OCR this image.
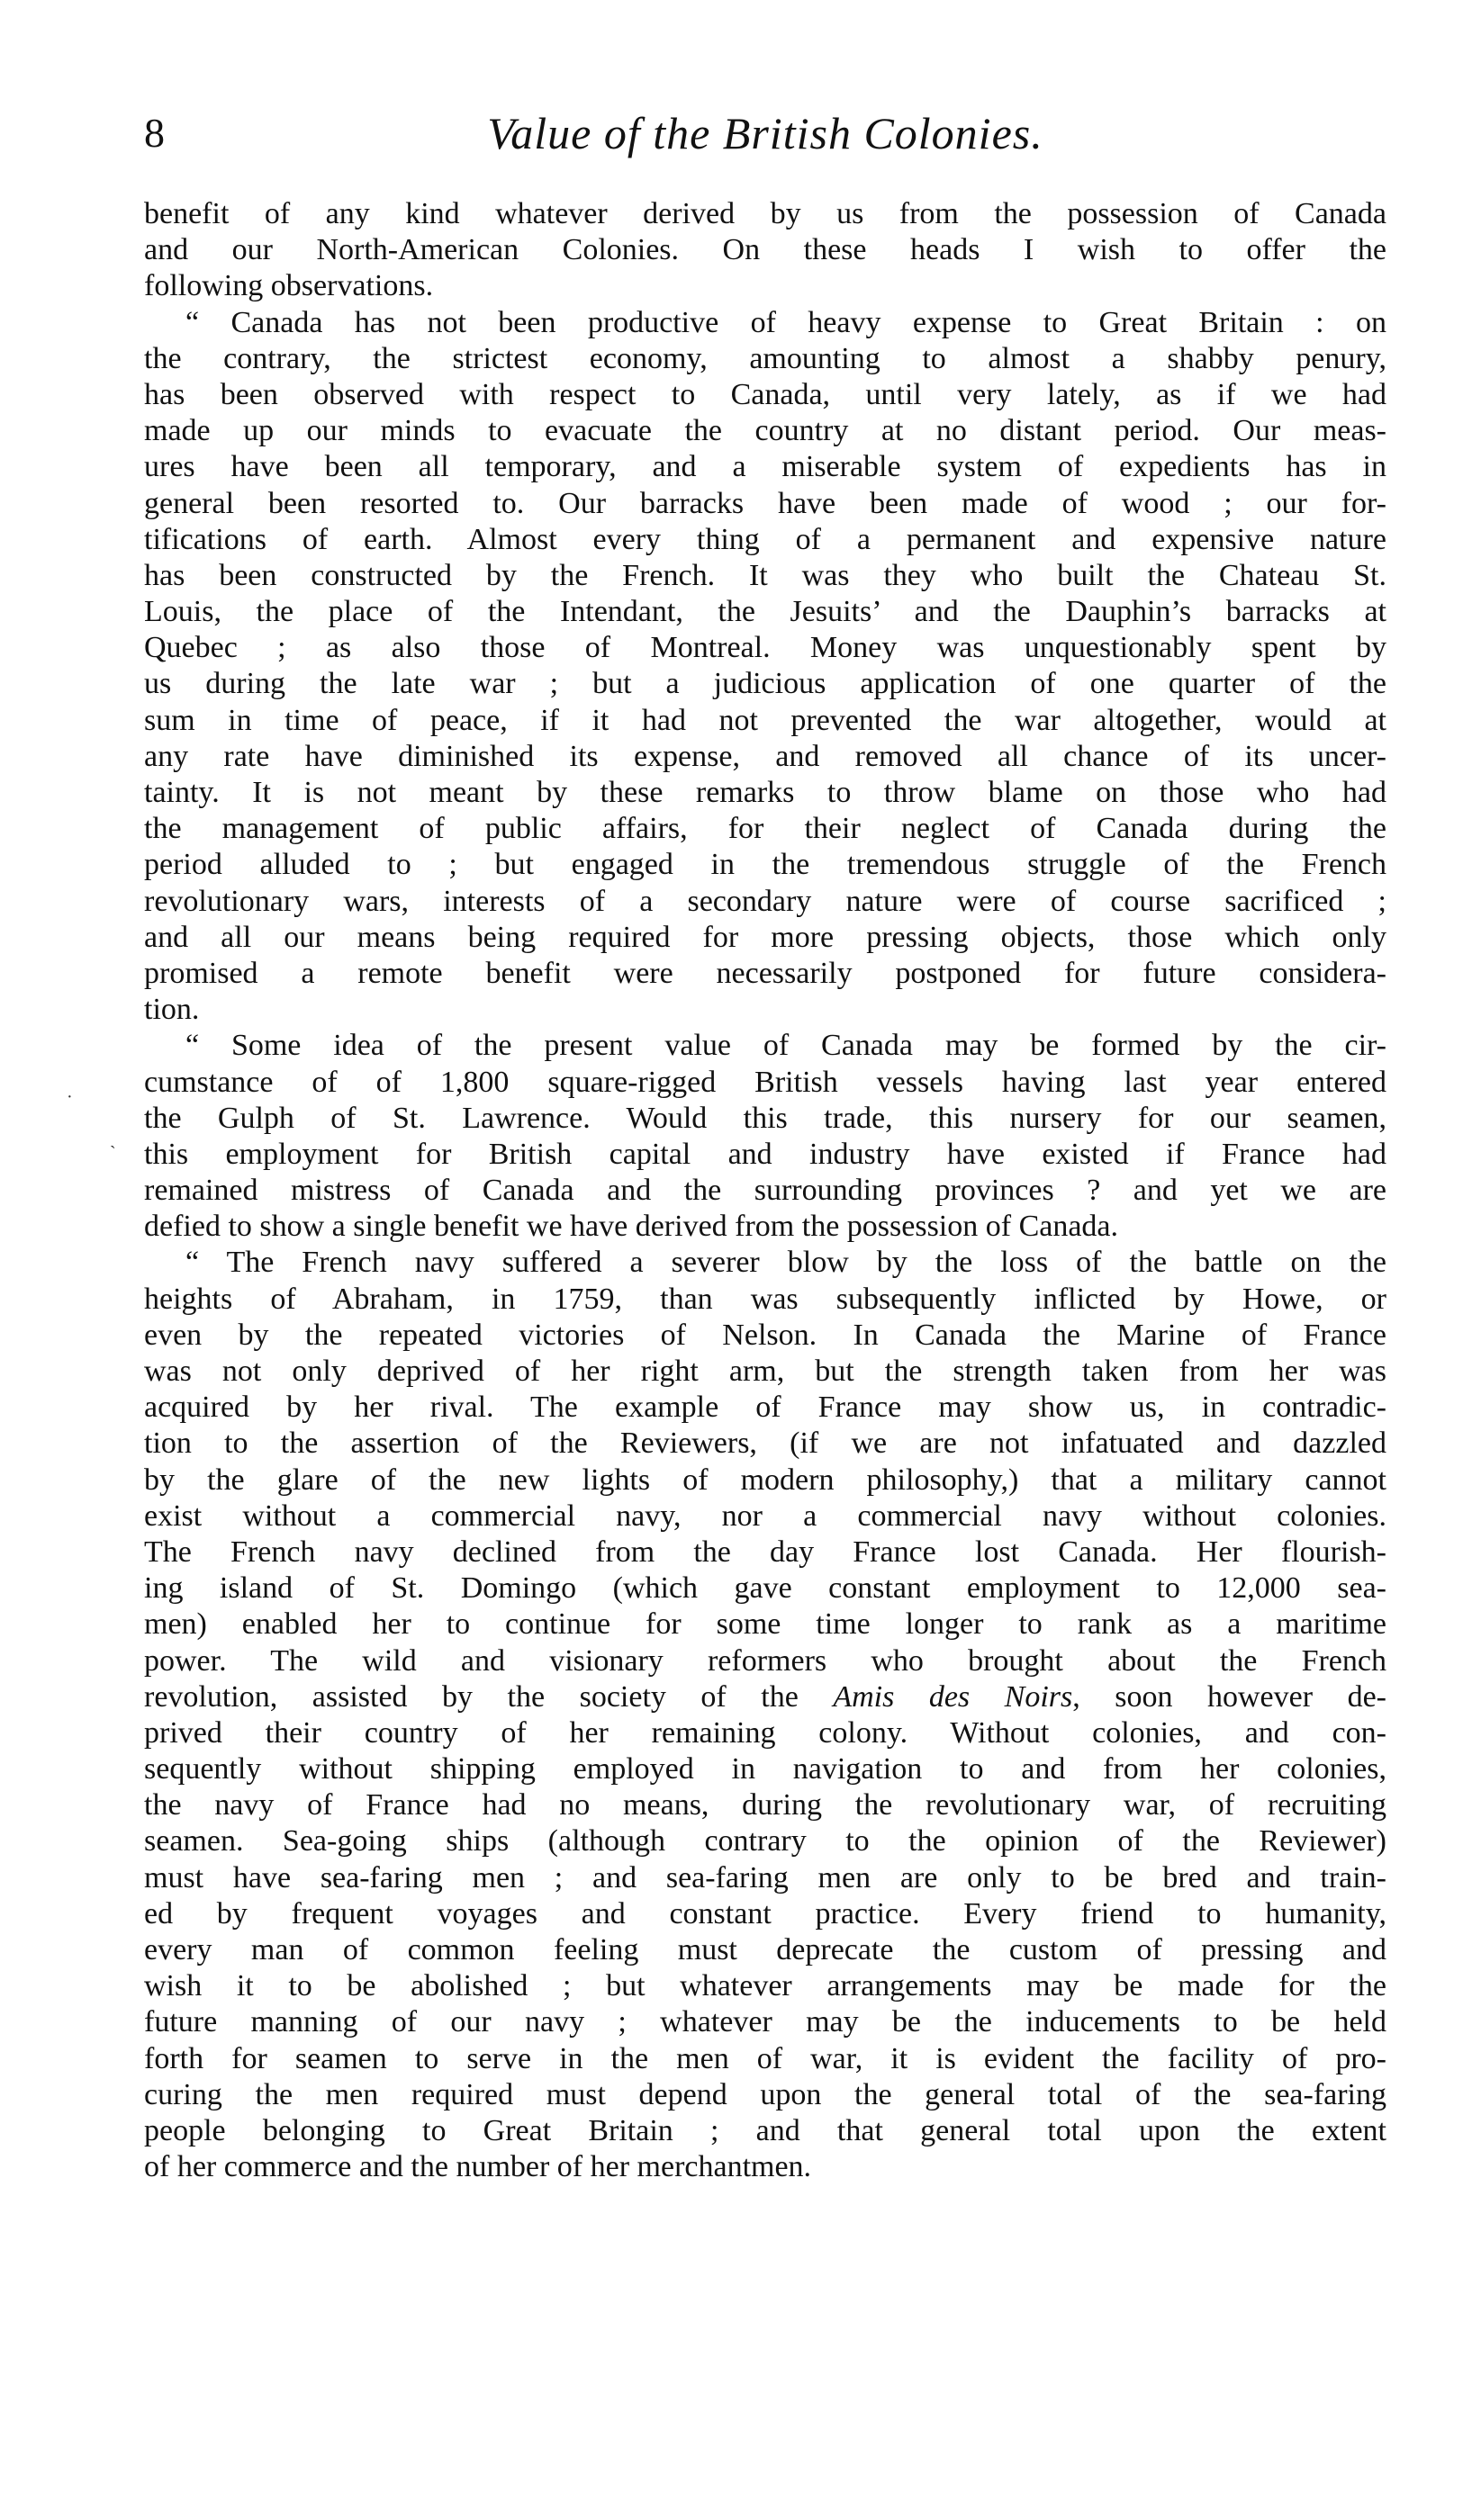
8	Value of the British Colonies.
benefit of any kind whatever derived by us from the possession of Canada
and our North-American Colonies. On these heads I wish to offer the
following observations.
“ Canada has not been productive of heavy expense to Great Britain : on
the contrary, the strictest economy, amounting to almost a shabby penury,
has been observed with respect to Canada, until very lately, as if we had
made up our minds to evacuate the country at no distant period. Our meas-
ures have been all temporary, and a miserable system of expedients has in
general been resorted to. Our barracks have been made of wood ; our for-
tifications of earth. Almost every thing of a permanent and expensive nature
has been constructed by the French. It was they who built the Chateau St.
Louis, the place of the Intendant, the Jesuits’ and the Dauphin’s barracks at
Quebec ; as also those of Montreal. Money was unquestionably spent by
us during the late war ; but a judicious application of one quarter of the
sum in time of peace, if it had not prevented the war altogether, would at
any rate have diminished its expense, and removed all chance of its uncer-
tainty. It is not meant by these remarks to throw blame on those who had
the management of public affairs, for their neglect of Canada during the
period alluded to ; but engaged in the tremendous struggle of the French
revolutionary wars, interests of a secondary nature were of course sacrificed ;
and all our means being required for more pressing objects, those which only
promised a remote benefit were necessarily postponed for future considera-
tion.
“ Some idea of the present value of Canada may be formed by the cir-
cumstance of of 1,800 square-rigged British vessels having last year entered
the Gulph of St. Lawrence. Would this trade, this nursery for our seamen,
this employment for British capital and industry have existed if France had
remained mistress of Canada and the surrounding provinces ? and yet we are
defied to show a single benefit we have derived from the possession of Canada.
“ The French navy suffered a severer blow by the loss of the battle on the
heights of Abraham, in 1759, than was subsequently inflicted by Howe, or
even by the repeated victories of Nelson. In Canada the Marine of France
was not only deprived of her right arm, but the strength taken from her was
acquired by her rival. The example of France may show us, in contradic-
tion to the assertion of the Reviewers, (if we are not infatuated and dazzled
by the glare of the new lights of modern philosophy,) that a military cannot
exist without a commercial navy, nor a commercial navy without colonies.
The French navy declined from the day France lost Canada. Her flourish-
ing island of St. Domingo (which gave constant employment to 12,000 sea-
men) enabled her to continue for some time longer to rank as a maritime
power. The wild and visionary reformers who brought about the French
revolution, assisted by the society of the Amis des Noirs, soon however de-
prived their country of her remaining colony. Without colonies, and con-
sequently without shipping employed in navigation to and from her colonies,
the navy of France had no means, during the revolutionary war, of recruiting
seamen. Sea-going ships (although contrary to the opinion of the Reviewer)
must have sea-faring men ; and sea-faring men are only to be bred and train-
ed by frequent voyages and constant practice. Every friend to humanity,
every man of common feeling must deprecate the custom of pressing and
wish it to be abolished ; but whatever arrangements may be made for the
future manning of our navy ; whatever may be the inducements to be held
forth for seamen to serve in the men of war, it is evident the facility of pro-
curing the men required must depend upon the general total of the sea-faring
people belonging to Great Britain ; and that general total upon the extent
of her commerce and the number of her merchantmen.
·
`
